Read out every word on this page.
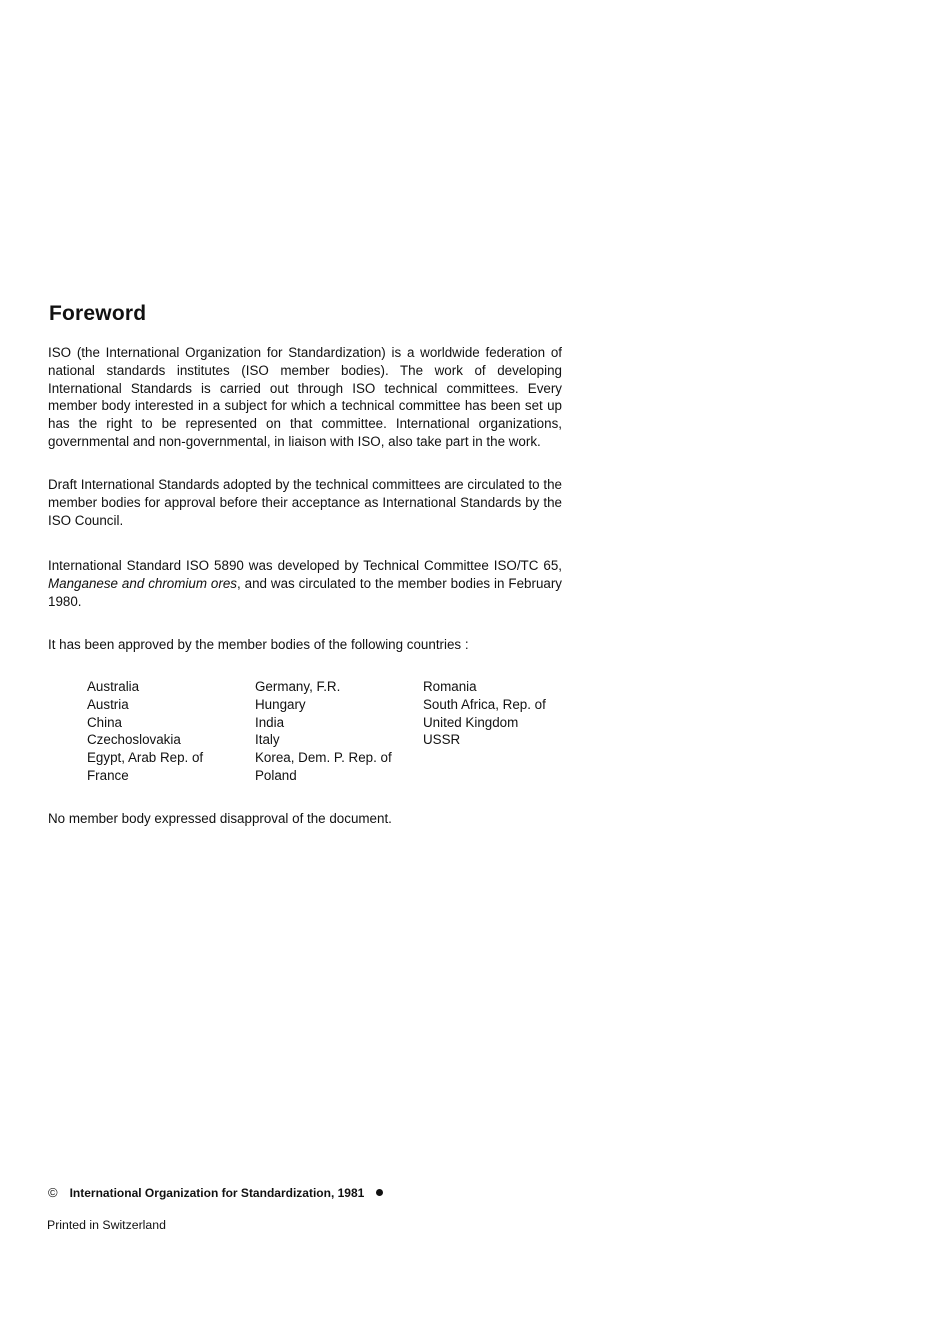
Foreword

ISO (the International Organization for Standardization) is a worldwide federation of national standards institutes (ISO member bodies). The work of developing International Standards is carried out through ISO technical committees. Every member body interested in a subject for which a technical committee has been set up has the right to be represented on that committee. International organizations, governmental and non-governmental, in liaison with ISO, also take part in the work.

Draft International Standards adopted by the technical committees are circulated to the member bodies for approval before their acceptance as International Standards by the ISO Council.

International Standard ISO 5890 was developed by Technical Committee ISO/TC 65, Manganese and chromium ores, and was circulated to the member bodies in February 1980.

It has been approved by the member bodies of the following countries :

Australia
Austria
China
Czechoslovakia
Egypt, Arab Rep. of
France
Germany, F.R.
Hungary
India
Italy
Korea, Dem. P. Rep. of
Poland
Romania
South Africa, Rep. of
United Kingdom
USSR

No member body expressed disapproval of the document.

© International Organization for Standardization, 1981
Printed in Switzerland
